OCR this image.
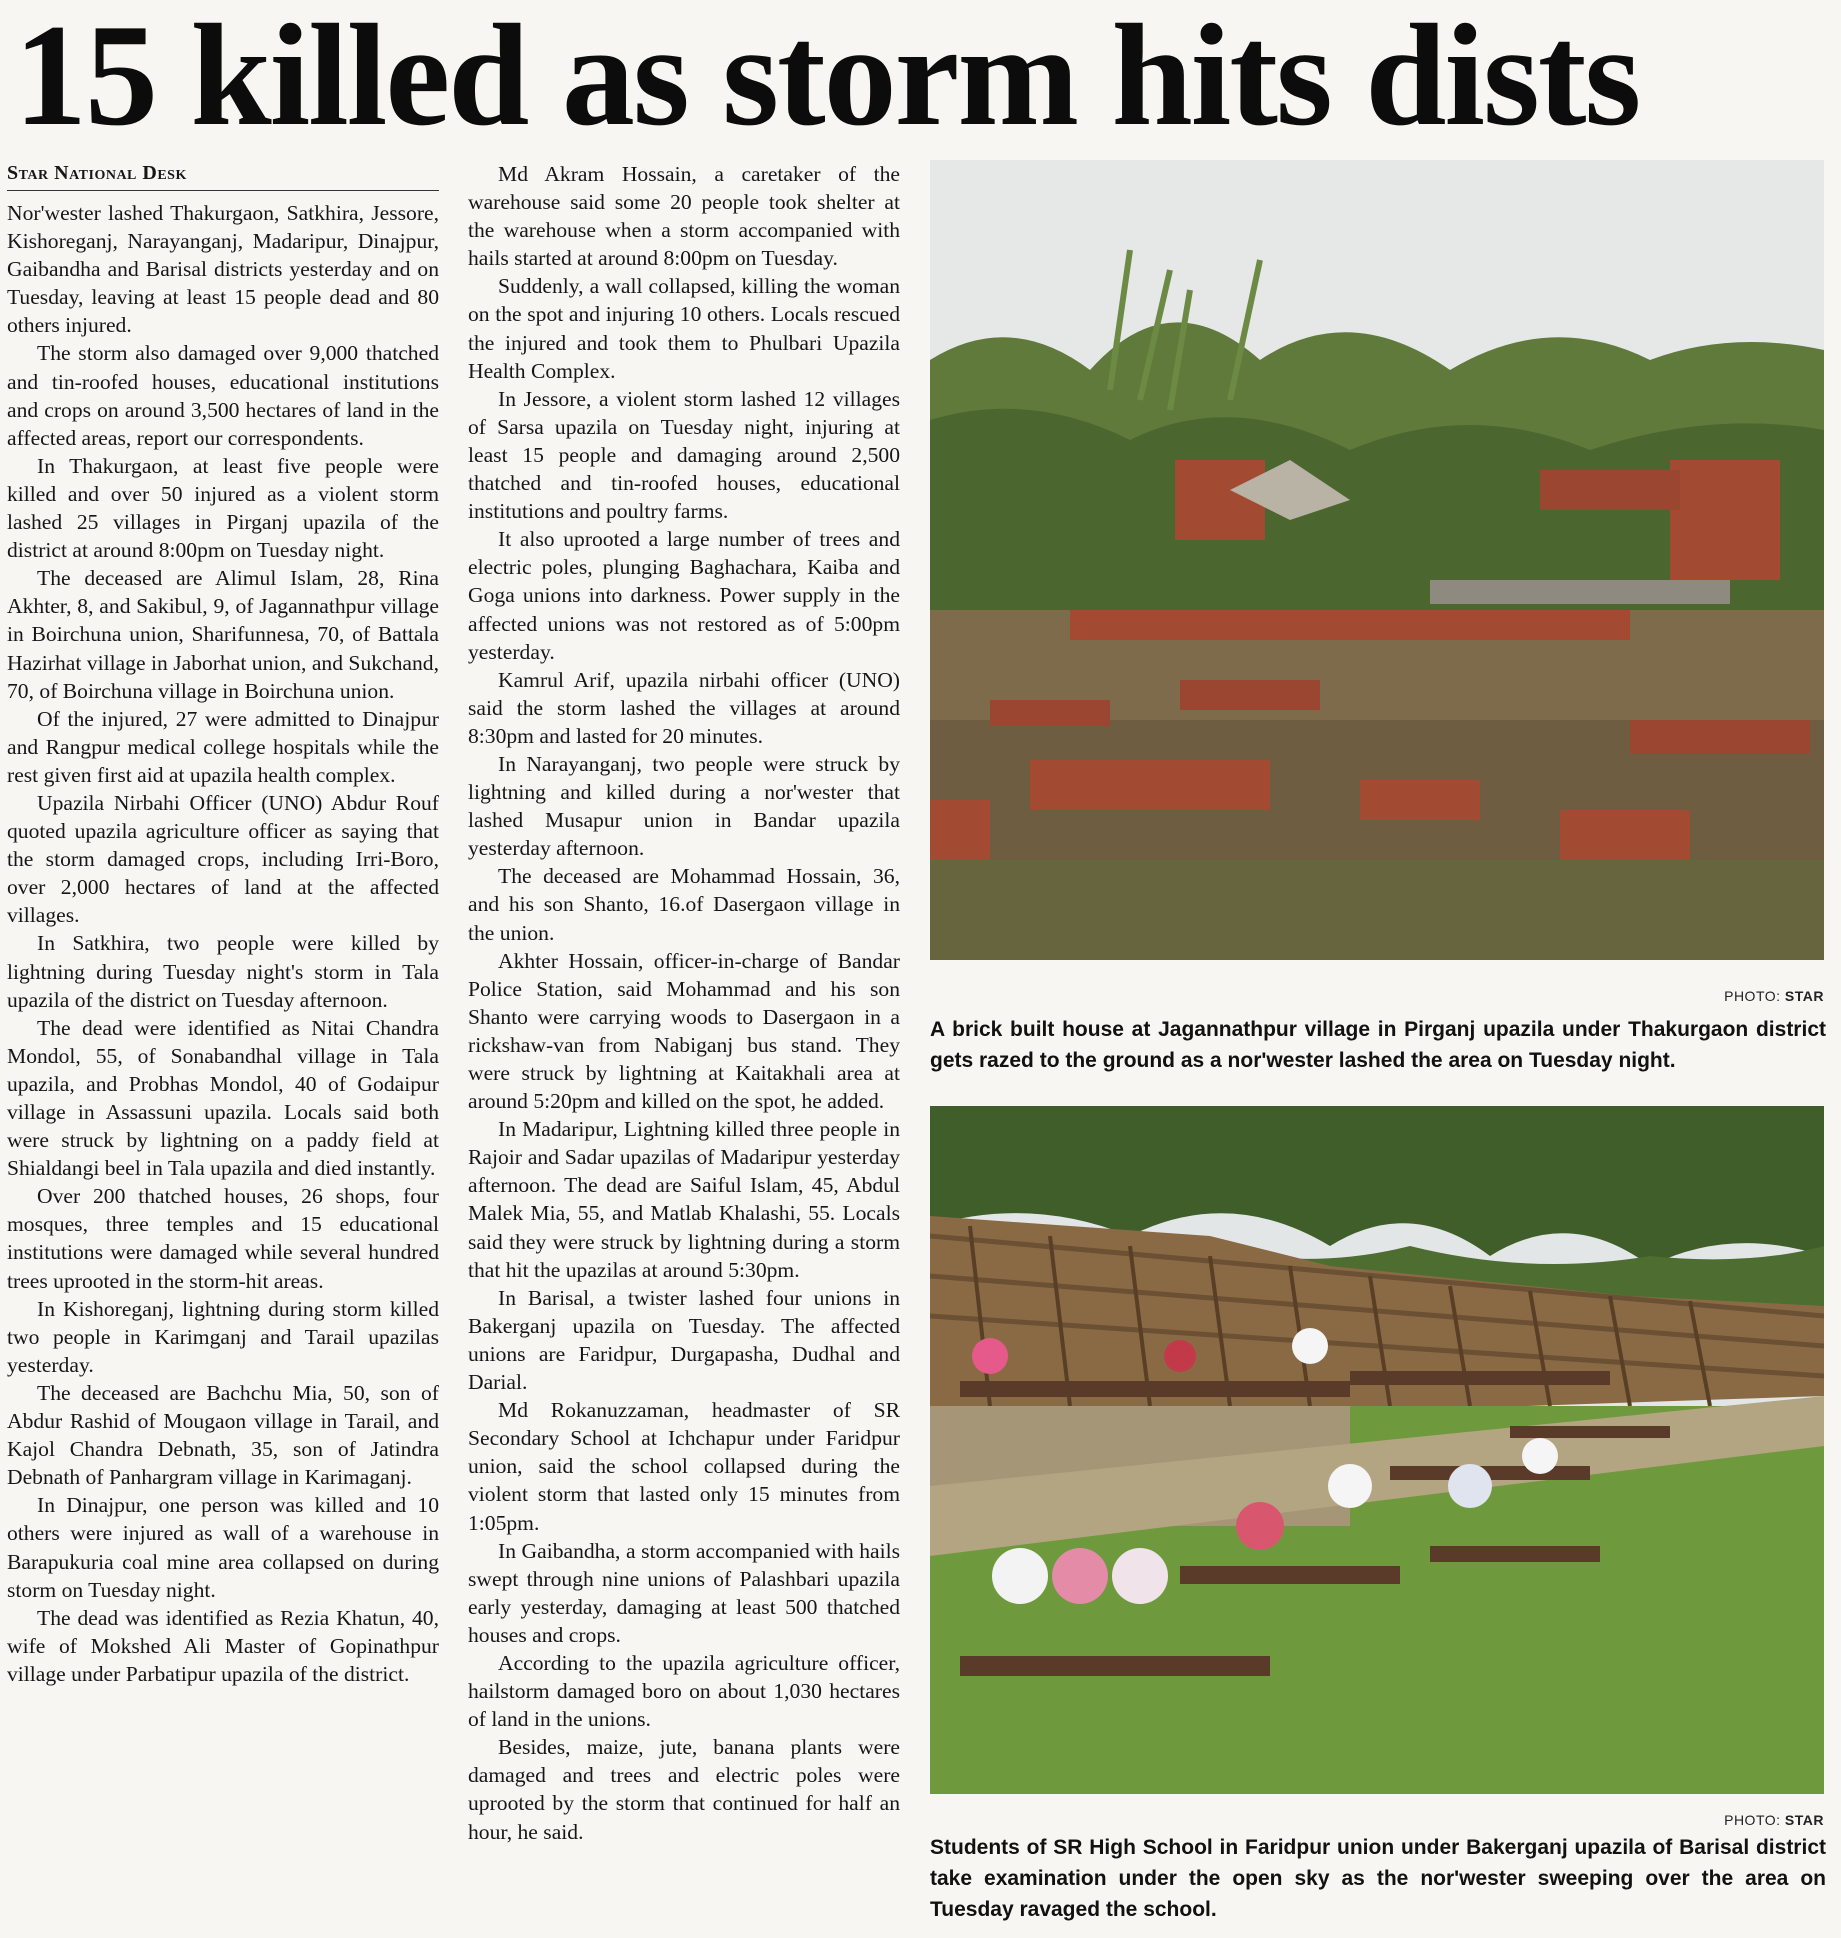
15 killed as storm hits dists
Star National Desk

Nor'wester lashed Thakurgaon, Satkhira, Jessore, Kishoreganj, Narayanganj, Madaripur, Dinajpur, Gaibandha and Barisal districts yesterday and on Tuesday, leaving at least 15 people dead and 80 others injured.

The storm also damaged over 9,000 thatched and tin-roofed houses, educational institutions and crops on around 3,500 hectares of land in the affected areas, report our correspondents.

In Thakurgaon, at least five people were killed and over 50 injured as a violent storm lashed 25 villages in Pirganj upazila of the district at around 8:00pm on Tuesday night.

The deceased are Alimul Islam, 28, Rina Akhter, 8, and Sakibul, 9, of Jagannathpur village in Boirchuna union, Sharifunnesa, 70, of Battala Hazirhat village in Jaborhat union, and Sukchand, 70, of Boirchuna village in Boirchuna union.

Of the injured, 27 were admitted to Dinajpur and Rangpur medical college hospitals while the rest given first aid at upazila health complex.

Upazila Nirbahi Officer (UNO) Abdur Rouf quoted upazila agriculture officer as saying that the storm damaged crops, including Irri-Boro, over 2,000 hectares of land at the affected villages.

In Satkhira, two people were killed by lightning during Tuesday night's storm in Tala upazila of the district on Tuesday afternoon.

The dead were identified as Nitai Chandra Mondol, 55, of Sonabandhal village in Tala upazila, and Probhas Mondol, 40 of Godaipur village in Assassuni upazila. Locals said both were struck by lightning on a paddy field at Shialdangi beel in Tala upazila and died instantly.

Over 200 thatched houses, 26 shops, four mosques, three temples and 15 educational institutions were damaged while several hundred trees uprooted in the storm-hit areas.

In Kishoreganj, lightning during storm killed two people in Karimganj and Tarail upazilas yesterday.

The deceased are Bachchu Mia, 50, son of Abdur Rashid of Mougaon village in Tarail, and Kajol Chandra Debnath, 35, son of Jatindra Debnath of Panhargram village in Karimaganj.

In Dinajpur, one person was killed and 10 others were injured as wall of a warehouse in Barapukuria coal mine area collapsed on during storm on Tuesday night.

The dead was identified as Rezia Khatun, 40, wife of Mokshed Ali Master of Gopinathpur village under Parbatipur upazila of the district.

Md Akram Hossain, a caretaker of the warehouse said some 20 people took shelter at the warehouse when a storm accompanied with hails started at around 8:00pm on Tuesday.

Suddenly, a wall collapsed, killing the woman on the spot and injuring 10 others. Locals rescued the injured and took them to Phulbari Upazila Health Complex.

In Jessore, a violent storm lashed 12 villages of Sarsa upazila on Tuesday night, injuring at least 15 people and damaging around 2,500 thatched and tin-roofed houses, educational institutions and poultry farms.

It also uprooted a large number of trees and electric poles, plunging Baghachara, Kaiba and Goga unions into darkness. Power supply in the affected unions was not restored as of 5:00pm yesterday.

Kamrul Arif, upazila nirbahi officer (UNO) said the storm lashed the villages at around 8:30pm and lasted for 20 minutes.

In Narayanganj, two people were struck by lightning and killed during a nor'wester that lashed Musapur union in Bandar upazila yesterday afternoon.

The deceased are Mohammad Hossain, 36, and his son Shanto, 16.of Dasergaon village in the union.

Akhter Hossain, officer-in-charge of Bandar Police Station, said Mohammad and his son Shanto were carrying woods to Dasergaon in a rickshaw-van from Nabiganj bus stand. They were struck by lightning at Kaitakhali area at around 5:20pm and killed on the spot, he added.

In Madaripur, Lightning killed three people in Rajoir and Sadar upazilas of Madaripur yesterday afternoon. The dead are Saiful Islam, 45, Abdul Malek Mia, 55, and Matlab Khalashi, 55. Locals said they were struck by lightning during a storm that hit the upazilas at around 5:30pm.

In Barisal, a twister lashed four unions in Bakerganj upazila on Tuesday. The affected unions are Faridpur, Durgapasha, Dudhal and Darial.

Md Rokanuzzaman, headmaster of SR Secondary School at Ichchapur under Faridpur union, said the school collapsed during the violent storm that lasted only 15 minutes from 1:05pm.

In Gaibandha, a storm accompanied with hails swept through nine unions of Palashbari upazila early yesterday, damaging at least 500 thatched houses and crops.

According to the upazila agriculture officer, hailstorm damaged boro on about 1,030 hectares of land in the unions.

Besides, maize, jute, banana plants were damaged and trees and electric poles were uprooted by the storm that continued for half an hour, he said.

PHOTO: STAR
A brick built house at Jagannathpur village in Pirganj upazila under Thakurgaon district gets razed to the ground as a nor'wester lashed the area on Tuesday night.
PHOTO: STAR
Students of SR High School in Faridpur union under Bakerganj upazila of Barisal district take examination under the open sky as the nor'wester sweeping over the area on Tuesday ravaged the school.
